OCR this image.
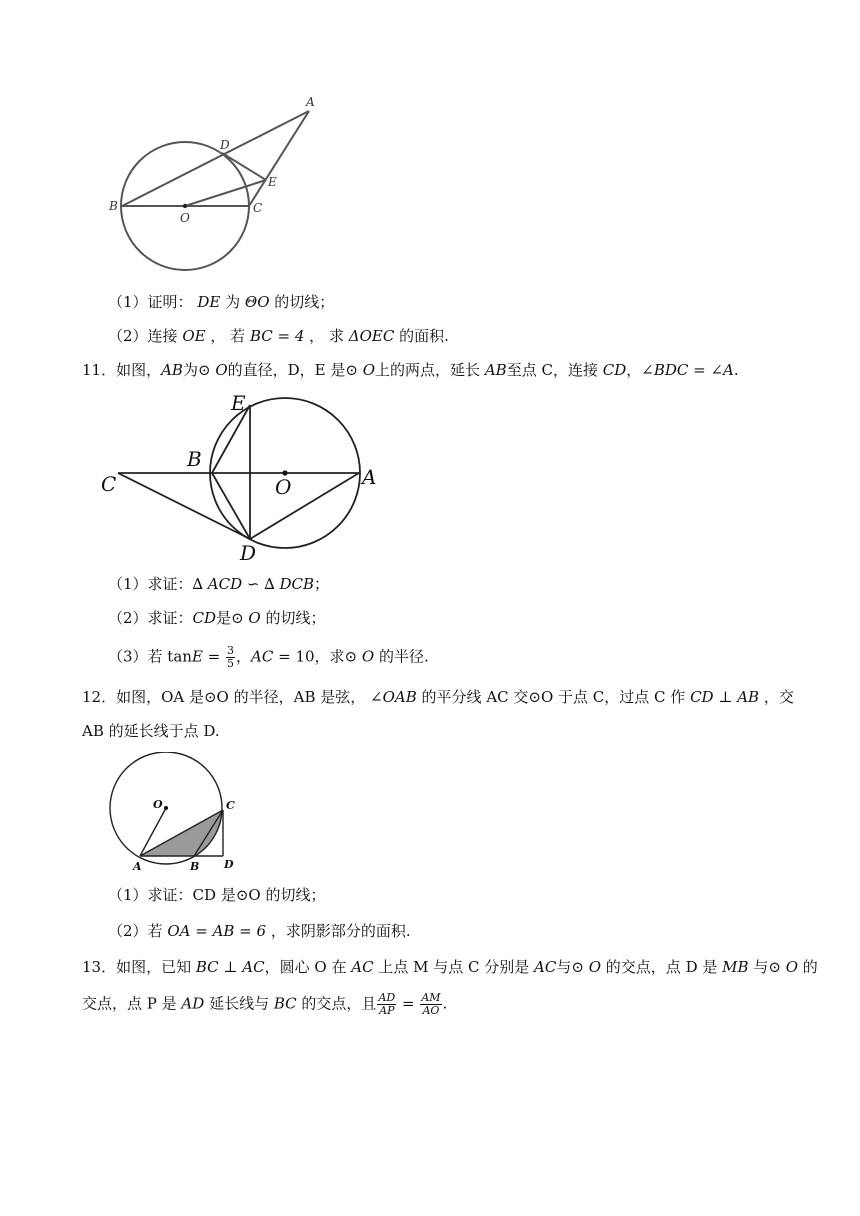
A
B	C
D
E
O
（1）证明： DE 为 ΘO 的切线；
（2）连接 OE ， 若 BC = 4 ， 求 ΔOEC 的面积.
11．如图，AB为⊙ O的直径，D，E 是⊙ O上的两点，延长 AB至点 C，连接 CD，∠BDC = ∠A.
E
B
C	O	A
D
（1）求证：∆ ACD ∽ ∆ DCB；
（2）求证：CD是⊙ O 的切线；
（3）若 $\tan E = \frac{3}{5}$ ，AC = 10，求⊙ O 的半径.
12．如图，OA 是⊙O 的半径，AB 是弦， ∠OAB 的平分线 AC 交⊙O 于点 C，过点 C 作 CD ⊥ AB ，交
AB 的延长线于点 D.
O	C
A	B D
（1）求证：CD 是⊙O 的切线；
（2）若 OA = AB = 6 ，求阴影部分的面积.
13．如图，已知 BC ⊥ AC，圆心 O 在 AC 上点 M 与点 C 分别是 AC与⊙ O 的交点，点 D 是 MB 与⊙ O 的
交点，点 P 是 AD 延长线与 BC 的交点，且 $\frac{AD}{AP} = \frac{AM}{AO}$ .
